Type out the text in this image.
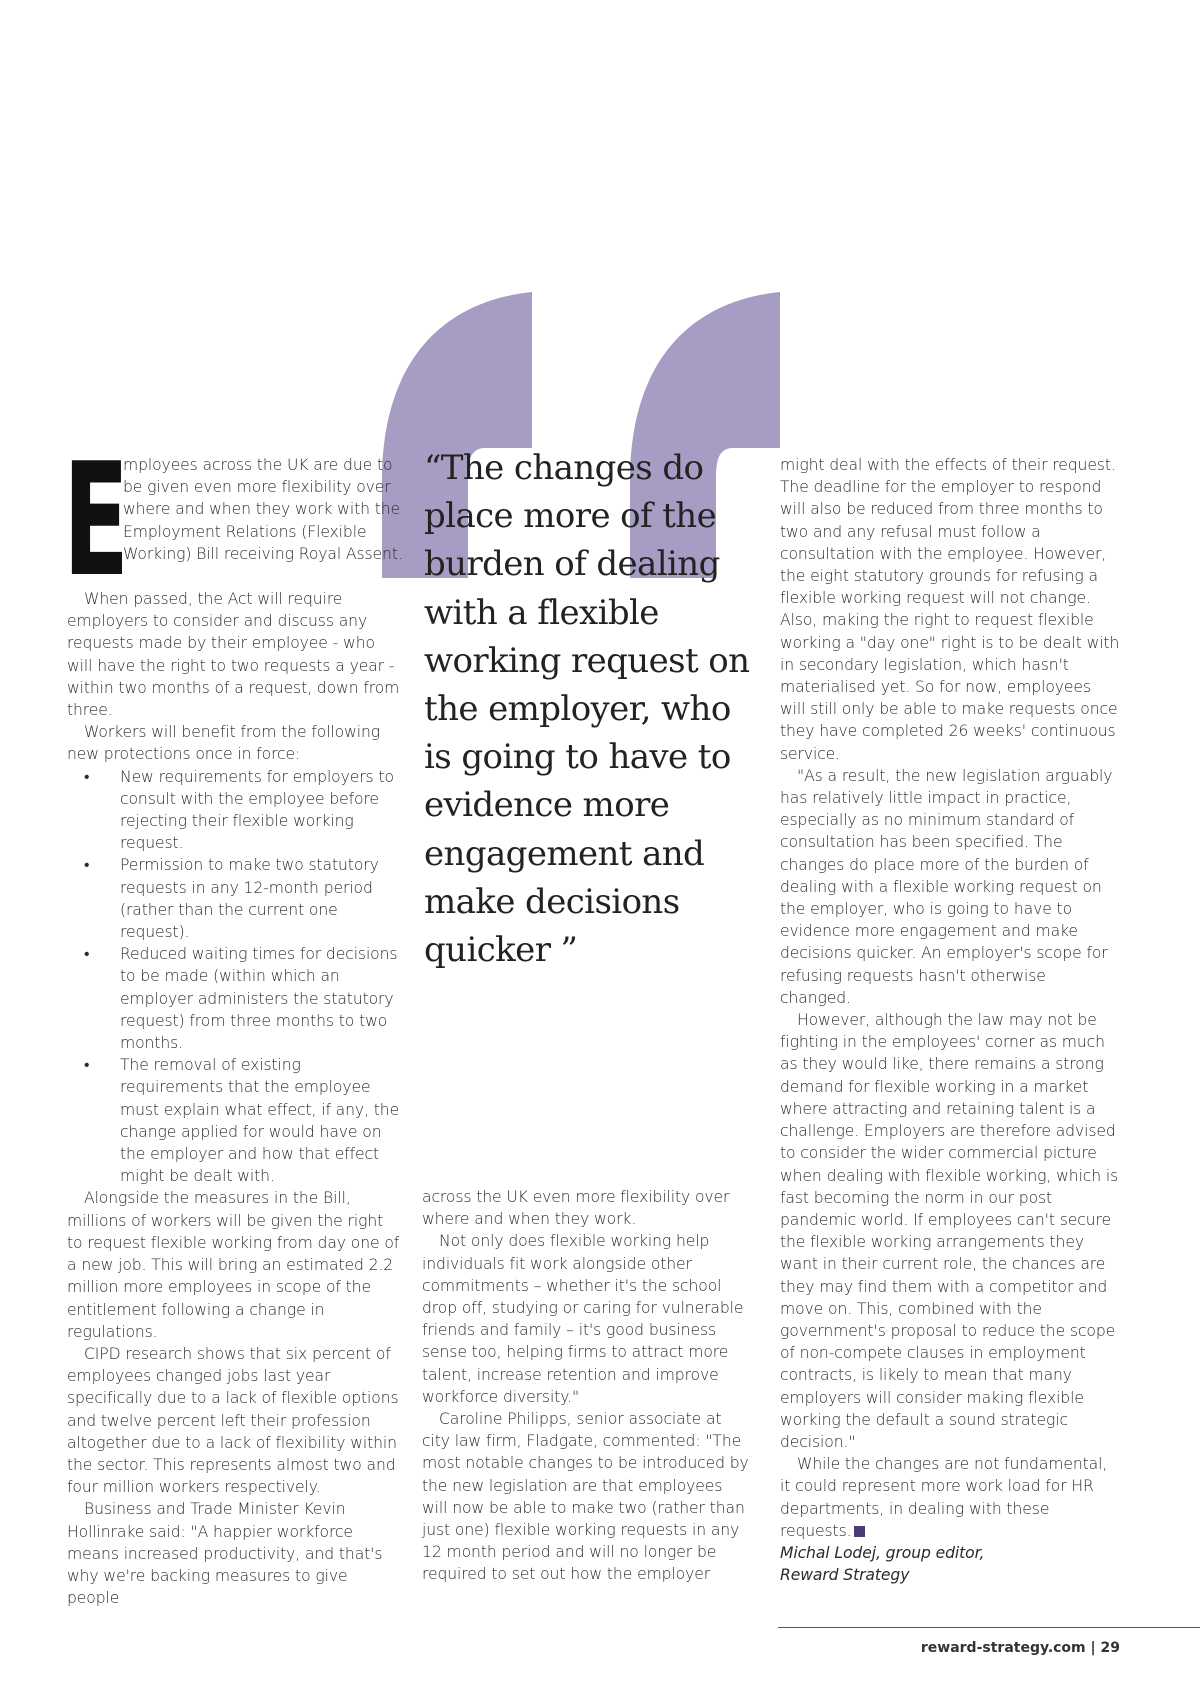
E

mployees across the UK are due to be given even more flexibility over where and when they work with the Employment Relations (Flexible Working) Bill receiving Royal Assent.

When passed, the Act will require employers to consider and discuss any requests made by their employee - who will have the right to two requests a year - within two months of a request, down from three.

Workers will benefit from the following new protections once in force:

• New requirements for employers to consult with the employee before rejecting their flexible working request.
• Permission to make two statutory requests in any 12-month period (rather than the current one request).
• Reduced waiting times for decisions to be made (within which an employer administers the statutory request) from three months to two months.
• The removal of existing requirements that the employee must explain what effect, if any, the change applied for would have on the employer and how that effect might be dealt with.

Alongside the measures in the Bill, millions of workers will be given the right to request flexible working from day one of a new job. This will bring an estimated 2.2 million more employees in scope of the entitlement following a change in regulations.

CIPD research shows that six percent of employees changed jobs last year specifically due to a lack of flexible options and twelve percent left their profession altogether due to a lack of flexibility within the sector. This represents almost two and four million workers respectively.

Business and Trade Minister Kevin Hollinrake said: "A happier workforce means increased productivity, and that's why we're backing measures to give people

“The changes do place more of the burden of dealing with a flexible working request on the employer, who is going to have to evidence more engagement and make decisions quicker ”

across the UK even more flexibility over where and when they work.

Not only does flexible working help individuals fit work alongside other commitments – whether it's the school drop off, studying or caring for vulnerable friends and family – it's good business sense too, helping firms to attract more talent, increase retention and improve workforce diversity."

Caroline Philipps, senior associate at city law firm, Fladgate, commented: "The most notable changes to be introduced by the new legislation are that employees will now be able to make two (rather than just one) flexible working requests in any 12 month period and will no longer be required to set out how the employer

might deal with the effects of their request. The deadline for the employer to respond will also be reduced from three months to two and any refusal must follow a consultation with the employee. However, the eight statutory grounds for refusing a flexible working request will not change. Also, making the right to request flexible working a "day one" right is to be dealt with in secondary legislation, which hasn't materialised yet. So for now, employees will still only be able to make requests once they have completed 26 weeks' continuous service.

"As a result, the new legislation arguably has relatively little impact in practice, especially as no minimum standard of consultation has been specified. The changes do place more of the burden of dealing with a flexible working request on the employer, who is going to have to evidence more engagement and make decisions quicker. An employer's scope for refusing requests hasn't otherwise changed.

However, although the law may not be fighting in the employees' corner as much as they would like, there remains a strong demand for flexible working in a market where attracting and retaining talent is a challenge. Employers are therefore advised to consider the wider commercial picture when dealing with flexible working, which is fast becoming the norm in our post pandemic world. If employees can't secure the flexible working arrangements they want in their current role, the chances are they may find them with a competitor and move on. This, combined with the government's proposal to reduce the scope of non-compete clauses in employment contracts, is likely to mean that many employers will consider making flexible working the default a sound strategic decision."

While the changes are not fundamental, it could represent more work load for HR departments, in dealing with these requests.

Michal Lodej, group editor,

Reward Strategy

reward-strategy.com | 29
